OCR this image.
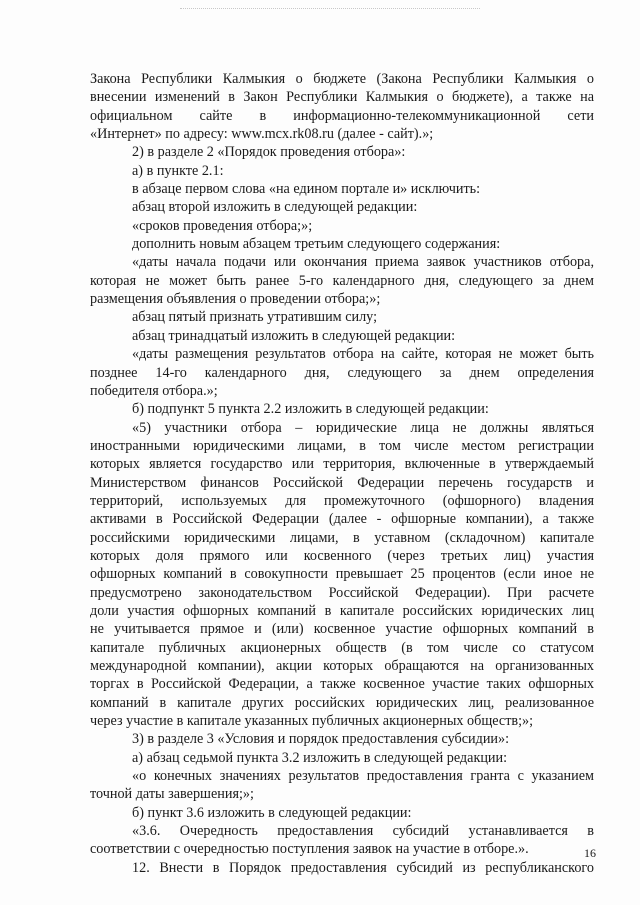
Закона Республики Калмыкия о бюджете (Закона Республики Калмыкия о
внесении изменений в Закон Республики Калмыкия о бюджете), а также на
официальном сайте в информационно-телекоммуникационной сети
«Интернет» по адресу: www.mcx.rk08.ru (далее - сайт).»;
2) в разделе 2 «Порядок проведения отбора»:
а) в пункте 2.1:
в абзаце первом слова «на едином портале и» исключить:
абзац второй изложить в следующей редакции:
«сроков проведения отбора;»;
дополнить новым абзацем третьим следующего содержания:
«даты начала подачи или окончания приема заявок участников отбора,
которая не может быть ранее 5-го календарного дня, следующего за днем
размещения объявления о проведении отбора;»;
абзац пятый признать утратившим силу;
абзац тринадцатый изложить в следующей редакции:
«даты размещения результатов отбора на сайте, которая не может быть
позднее 14-го календарного дня, следующего за днем определения
победителя отбора.»;
б) подпункт 5 пункта 2.2 изложить в следующей редакции:
«5) участники отбора – юридические лица не должны являться
иностранными юридическими лицами, в том числе местом регистрации
которых является государство или территория, включенные в утверждаемый
Министерством финансов Российской Федерации перечень государств и
территорий, используемых для промежуточного (офшорного) владения
активами в Российской Федерации (далее - офшорные компании), а также
российскими юридическими лицами, в уставном (складочном) капитале
которых доля прямого или косвенного (через третьих лиц) участия
офшорных компаний в совокупности превышает 25 процентов (если иное не
предусмотрено законодательством Российской Федерации). При расчете
доли участия офшорных компаний в капитале российских юридических лиц
не учитывается прямое и (или) косвенное участие офшорных компаний в
капитале публичных акционерных обществ (в том числе со статусом
международной компании), акции которых обращаются на организованных
торгах в Российской Федерации, а также косвенное участие таких офшорных
компаний в капитале других российских юридических лиц, реализованное
через участие в капитале указанных публичных акционерных обществ;»;
3) в разделе 3 «Условия и порядок предоставления субсидии»:
а) абзац седьмой пункта 3.2 изложить в следующей редакции:
«о конечных значениях результатов предоставления гранта с указанием
точной даты завершения;»;
б) пункт 3.6 изложить в следующей редакции:
«3.6. Очередность предоставления субсидий устанавливается в
соответствии с очередностью поступления заявок на участие в отборе.».
12. Внести в Порядок предоставления субсидий из республиканского
16
